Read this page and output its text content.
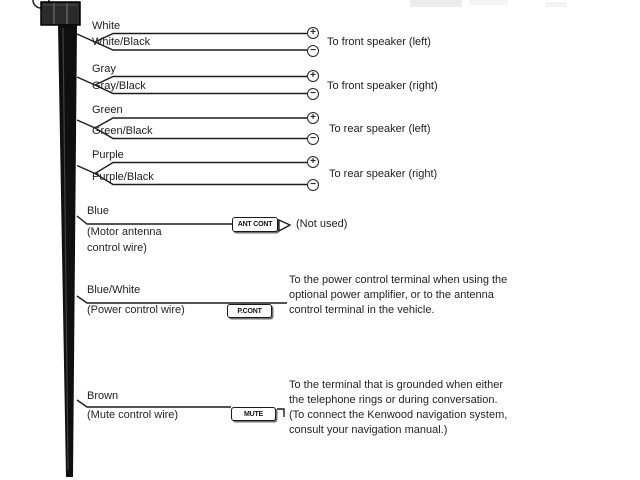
White
White/Black
+
−
To front speaker (left)
Gray
Gray/Black
+
−
To front speaker (right)
Green
Green/Black
+
−
To rear speaker (left)
Purple
Purple/Black
+
−
To rear speaker (right)
Blue
(Motor antenna
control wire)
ANT CONT	(Not used)
Blue/White
(Power control wire)	P.CONT
To the power control terminal when using the
optional power amplifier, or to the antenna
control terminal in the vehicle.
Brown
(Mute control wire)	MUTE
To the terminal that is grounded when either
the telephone rings or during conversation.
(To connect the Kenwood navigation system,
consult your navigation manual.)
